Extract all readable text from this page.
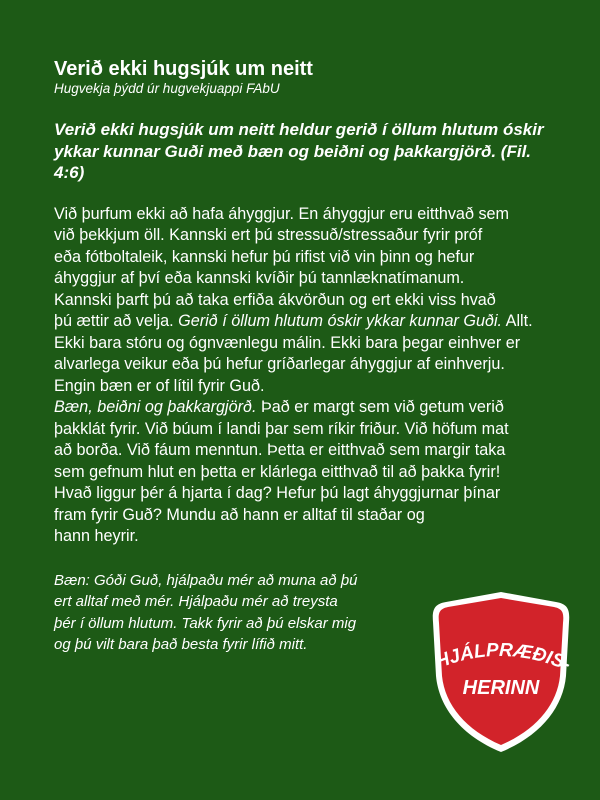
Verið ekki hugsjúk um neitt
Hugvekja þýdd úr hugvekjuappi FAbU
Verið ekki hugsjúk um neitt heldur gerið í öllum hlutum óskir ykkar kunnar Guði með bæn og beiðni og þakkargjörð. (Fil. 4:6)

Við þurfum ekki að hafa áhyggjur. En áhyggjur eru eitthvað sem

við þekkjum öll. Kannski ert þú stressuð/stressaður fyrir próf

eða fótboltaleik, kannski hefur þú rifist við vin þinn og hefur

áhyggjur af því eða kannski kvíðir þú tannlæknatímanum.

Kannski þarft þú að taka erfiða ákvörðun og ert ekki viss hvað

þú ættir að velja. Gerið í öllum hlutum óskir ykkar kunnar Guði. Allt.

Ekki bara stóru og ógnvænlegu málin. Ekki bara þegar einhver er

alvarlega veikur eða þú hefur gríðarlegar áhyggjur af einhverju.

Engin bæn er of lítil fyrir Guð.

Bæn, beiðni og þakkargjörð. Það er margt sem við getum verið

þakklát fyrir. Við búum í landi þar sem ríkir friður. Við höfum mat

að borða. Við fáum menntun. Þetta er eitthvað sem margir taka

sem gefnum hlut en þetta er klárlega eitthvað til að þakka fyrir!

Hvað liggur þér á hjarta í dag? Hefur þú lagt áhyggjurnar þínar

fram fyrir Guð? Mundu að hann er alltaf til staðar og

hann heyrir.

Bæn: Góði Guð, hjálpaðu mér að muna að þú

ert alltaf með mér. Hjálpaðu mér að treysta

þér í öllum hlutum. Takk fyrir að þú elskar mig

og þú vilt bara það besta fyrir lífið mitt.

HJÁLPRÆÐIS-
HERINN
